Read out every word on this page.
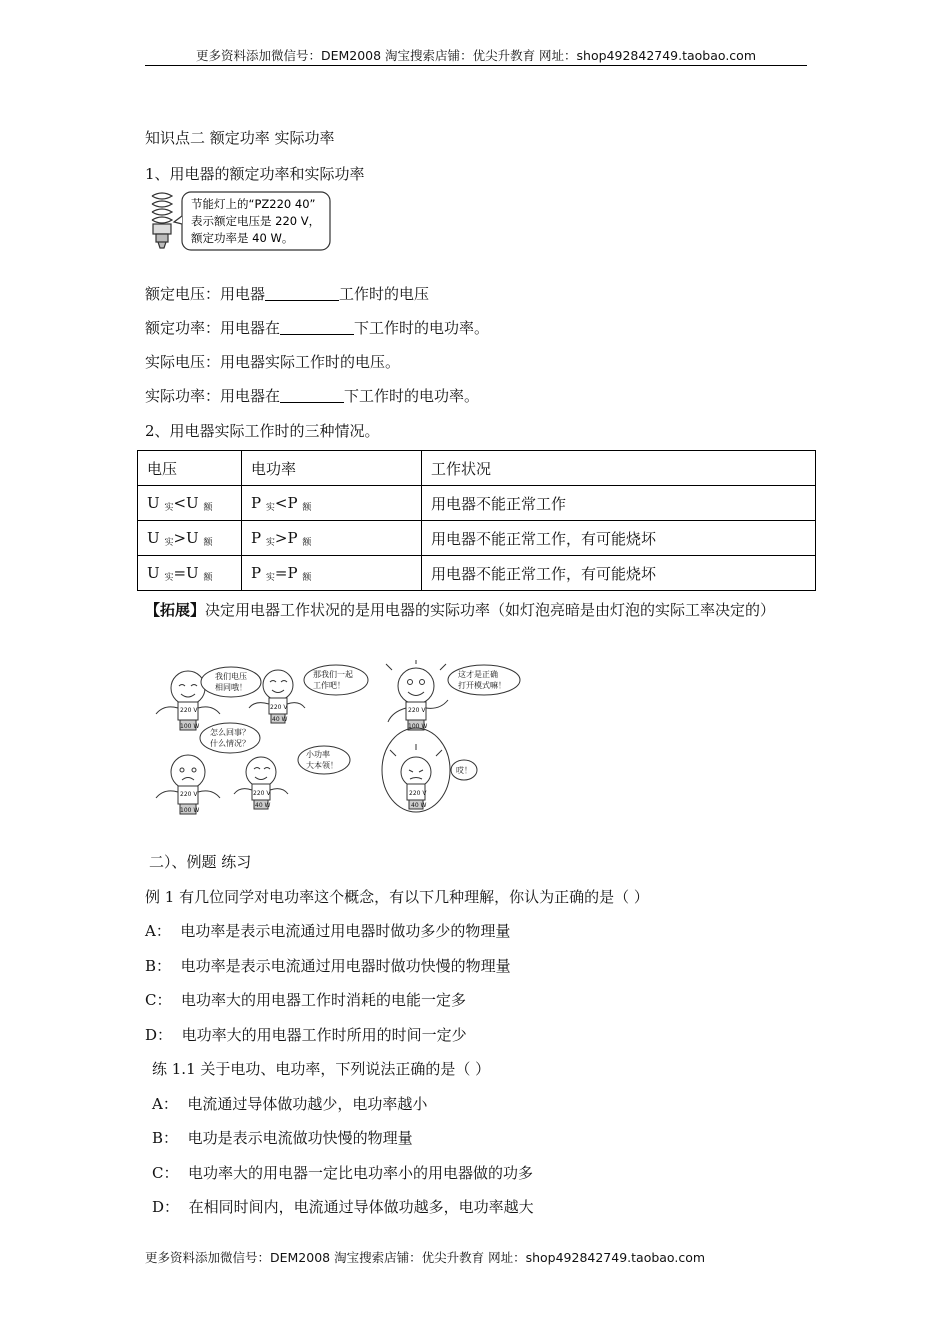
更多资料添加微信号：DEM2008 淘宝搜索店铺：优尖升教育 网址：shop492842749.taobao.com
知识点二 额定功率 实际功率
1、用电器的额定功率和实际功率
节能灯上的“PZ220 40”
表示额定电压是 220 V，
额定功率是 40 W。
额定电压：用电器	工作时的电压
额定功率：用电器在	下工作时的电功率。
实际电压：用电器实际工作时的电压。
实际功率：用电器在	下工作时的电功率。
2、用电器实际工作时的三种情况。
电压	电功率	工作状况
U $_实$<U $_额$	P $_实$<P $_额$	用电器不能正常工作
U $_实$>U $_额$	P $_实$>P $_额$	用电器不能正常工作，有可能烧坏
U $_实$=U $_额$	P $_实$=P $_额$	用电器不能正常工作，有可能烧坏
【拓展】决定用电器工作状况的是用电器的实际功率（如灯泡亮暗是由灯泡的实际工率决定的）
我们电压
相同哦！
那我们一起
工作吧！
怎么回事？
什么情况？
小功率
大本领！
这才是正确
打开模式嘛！
哎！
220 V
100 W
220 V
40 W
220 V
100 W
220 V
40 W
220 V
100 W
220 V
40 W
二）、例题 练习
例 1 有几位同学对电功率这个概念，有以下几种理解，你认为正确的是（ ）
A： 电功率是表示电流通过用电器时做功多少的物理量
B： 电功率是表示电流通过用电器时做功快慢的物理量
C： 电功率大的用电器工作时消耗的电能一定多
D： 电功率大的用电器工作时所用的时间一定少
练 1.1 关于电功、电功率，下列说法正确的是（ ）
A： 电流通过导体做功越少，电功率越小
B： 电功是表示电流做功快慢的物理量
C： 电功率大的用电器一定比电功率小的用电器做的功多
D： 在相同时间内，电流通过导体做功越多，电功率越大
更多资料添加微信号：DEM2008 淘宝搜索店铺：优尖升教育 网址：shop492842749.taobao.com
